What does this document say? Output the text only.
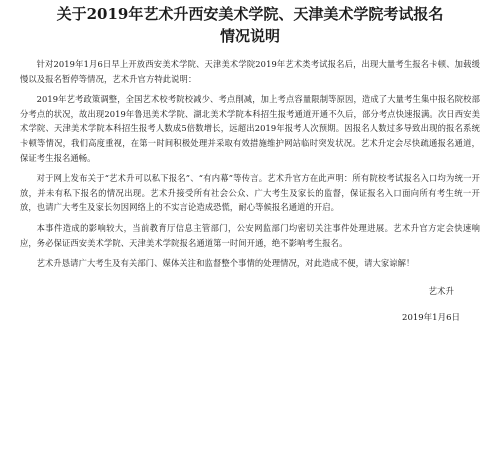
关于2019年艺术升西安美术学院、天津美术学院考试报名
情况说明

针对2019年1月6日早上开放西安美术学院、天津美术学院2019年艺术类考试报名后，出现大量考生报名卡顿、加载缓慢以及报名暂停等情况，艺术升官方特此说明：

2019年艺考政策调整，全国艺术校考院校减少、考点削减，加上考点容量限制等原因，造成了大量考生集中报名院校部分考点的状况，故出现2019年鲁迅美术学院、湖北美术学院本科招生报考通道开通不久后，部分考点快速报满。次日西安美术学院、天津美术学院本科招生报考人数成5倍数增长，远超出2019年报考人次预期。因报名人数过多导致出现的报名系统卡顿等情况，我们高度重视，在第一时间积极处理并采取有效措施维护网站临时突发状况。艺术升定会尽快疏通报名通道，保证考生报名通畅。

对于网上发布关于“艺术升可以私下报名”、“有内幕”等传言。艺术升官方在此声明：所有院校考试报名入口均为统一开放，并未有私下报名的情况出现。艺术升接受所有社会公众、广大考生及家长的监督，保证报名入口面向所有考生统一开放，也请广大考生及家长勿因网络上的不实言论造成恐慌，耐心等候报名通道的开启。

本事件造成的影响较大，当前教育厅信息主管部门，公安网监部门均密切关注事件处理进展。艺术升官方定会快速响应，务必保证西安美术学院、天津美术学院报名通道第一时间开通，绝不影响考生报名。

艺术升恳请广大考生及有关部门、媒体关注和监督整个事情的处理情况，对此造成不便，请大家谅解！

艺术升
2019年1月6日
